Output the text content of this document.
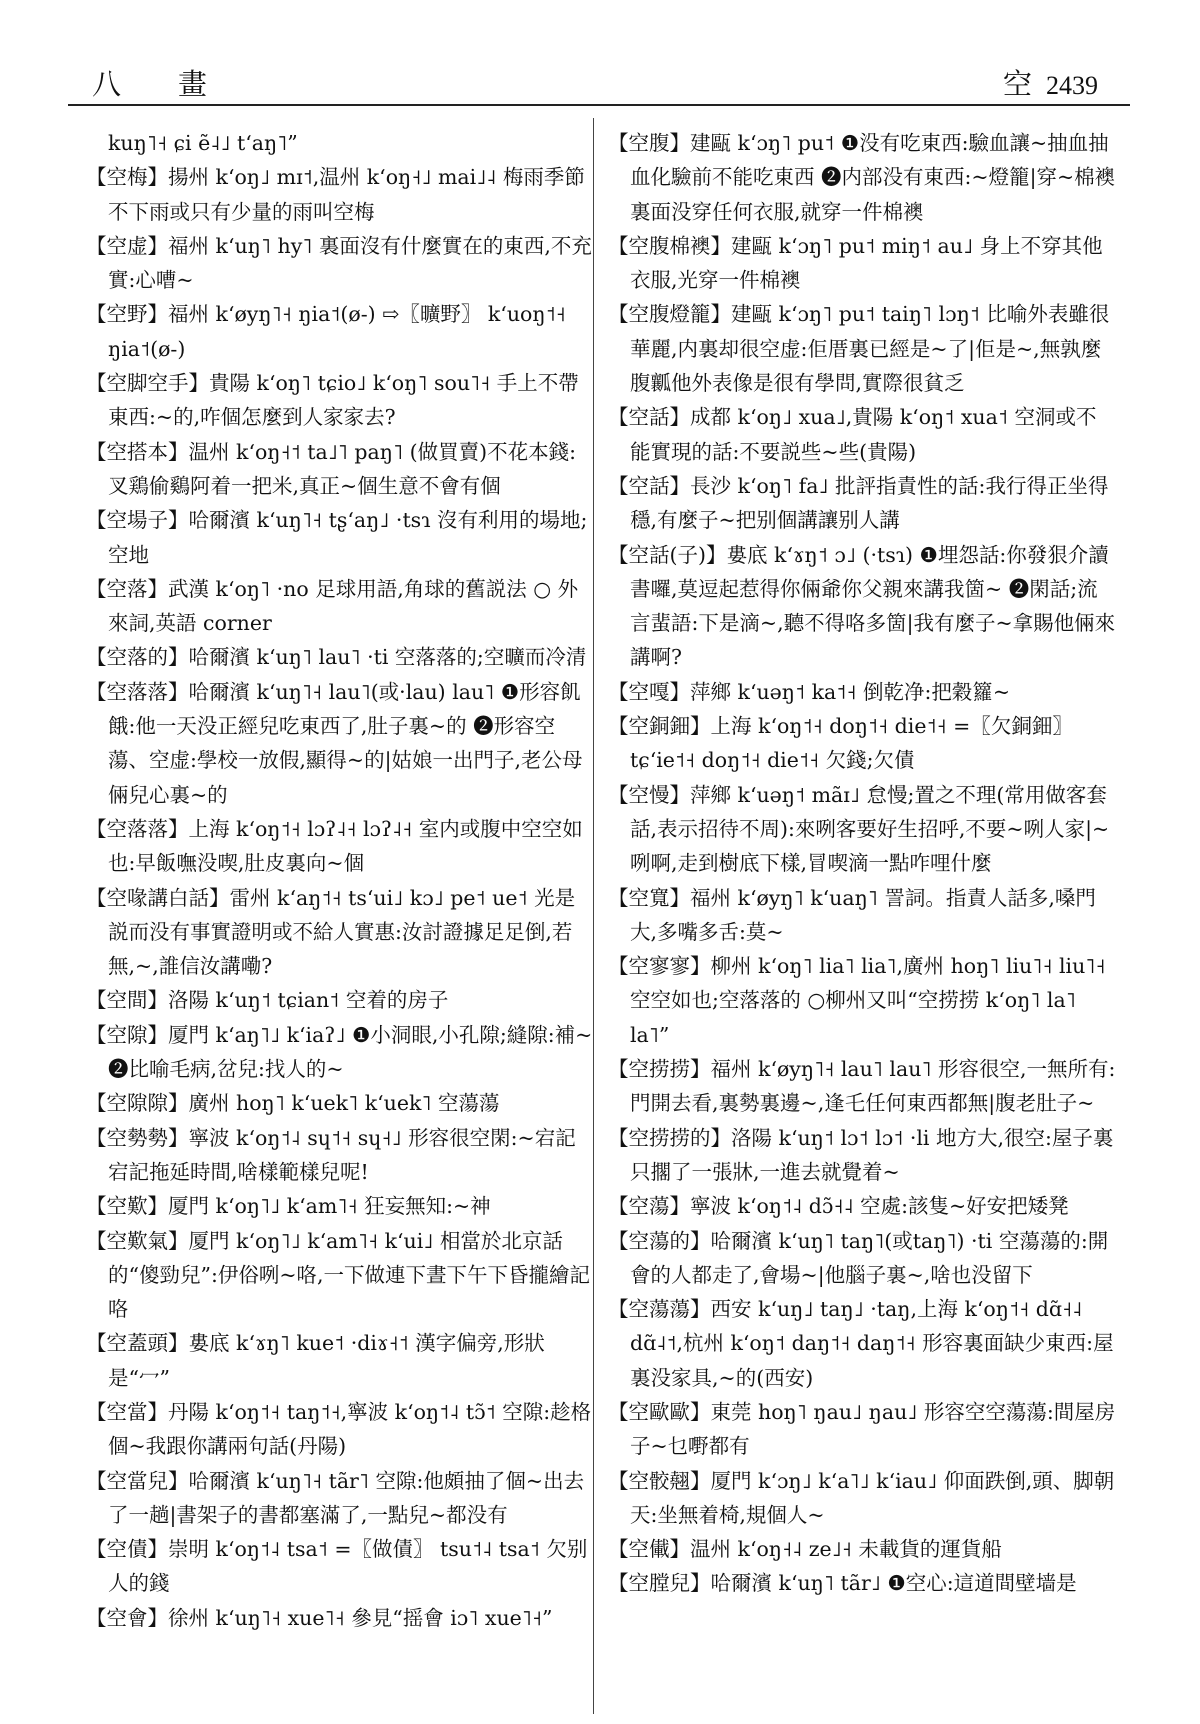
八　畫	空 2439

kuŋ˥˧ ɕi ẽ˨˩ t‘aŋ˥”

【空梅】揚州 k‘oŋ˩ mɪ˦,温州 k‘oŋ˧˩ mai˩˨ 梅雨季節不下雨或只有少量的雨叫空梅

【空虚】福州 k‘uŋ˥ hy˥ 裏面沒有什麼實在的東西,不充實:心嘈~

【空野】福州 k‘øyŋ˥˧ ŋia˦(ø-) ⇨〖曠野〗 k‘uoŋ˦˧ ŋia˦(ø-)

【空脚空手】貴陽 k‘oŋ˥ tɕio˩ k‘oŋ˥ sou˥˧ 手上不帶東西:~的,咋個怎麼到人家家去?

【空搭本】温州 k‘oŋ˧˦ ta˩˥ paŋ˥ (做買賣)不花本錢:叉鶏偷鷄阿着一把米,真正~個生意不會有個

【空場子】哈爾濱 k‘uŋ˥˧ tʂ‘aŋ˩ ·tsɿ 沒有利用的場地;空地

【空落】武漢 k‘oŋ˥ ·no 足球用語,角球的舊説法 ○ 外來詞,英語 corner

【空落的】哈爾濱 k‘uŋ˥ lau˥ ·ti 空落落的;空曠而冷清

【空落落】哈爾濱 k‘uŋ˥˧ lau˥(或·lau) lau˥ ❶形容飢餓:他一天没正經兒吃東西了,肚子裏~的 ❷形容空蕩、空虚:學校一放假,顯得~的|姑娘一出門子,老公母倆兒心裏~的

【空落落】上海 k‘oŋ˦˧ lɔʔ˨˧ lɔʔ˨˧ 室内或腹中空空如也:早飯嘸没喫,肚皮裏向~個

【空喙講白話】雷州 k‘aŋ˦˧ ts‘ui˩ kɔ˩ pe˦ ue˦ 光是説而没有事實證明或不給人實惠:汝討證據足足倒,若無,~,誰信汝講嘞?

【空間】洛陽 k‘uŋ˦ tɕian˦ 空着的房子

【空隙】厦門 k‘aŋ˥˩ k‘iaʔ˩ ❶小洞眼,小孔隙;縫隙:補~ ❷比喻毛病,岔兒:找人的~

【空隙隙】廣州 hoŋ˥ k‘uek˥ k‘uek˥ 空蕩蕩

【空勢勢】寧波 k‘oŋ˦˨ sɥ˦˧ sɥ˧˩ 形容很空閑:~宕記宕記拖延時間,啥樣範樣兒呢!

【空歎】厦門 k‘oŋ˥˩ k‘am˥˧ 狂妄無知:~神

【空歎氣】厦門 k‘oŋ˥˩ k‘am˥˧ k‘ui˩ 相當於北京話的“傻勁兒”:伊俗咧~咯,一下做連下晝下午下昏攏繪記咯

【空蓋頭】婁底 k‘ɤŋ˥ kue˦ ·diɤ˧˦ 漢字偏旁,形狀是“冖”

【空當】丹陽 k‘oŋ˦˧ taŋ˦˧,寧波 k‘oŋ˦˨ tɔ̃˦ 空隙:趁格個~我跟你講兩句話(丹陽)

【空當兒】哈爾濱 k‘uŋ˥˧ tãr˥ 空隙:他頗抽了個~出去了一趟|書架子的書都塞滿了,一點兒~都没有

【空債】崇明 k‘oŋ˦˨ tsa˦ =〖做債〗 tsu˦˨ tsa˦ 欠别人的錢

【空會】徐州 k‘uŋ˥˧ xue˥˧ 參見“摇會 iɔ˥ xue˥˧”

【空腹】建甌 k‘ɔŋ˥ pu˦ ❶没有吃東西:驗血讓~抽血抽血化驗前不能吃東西 ❷内部没有東西:~燈籠|穿~棉襖裏面没穿任何衣服,就穿一件棉襖

【空腹棉襖】建甌 k‘ɔŋ˥ pu˦ miŋ˦ au˩ 身上不穿其他衣服,光穿一件棉襖

【空腹燈籠】建甌 k‘ɔŋ˥ pu˦ taiŋ˥ lɔŋ˦ 比喻外表雖很華麗,内裏却很空虚:佢厝裏已經是~了|佢是~,無孰麼腹瓤他外表像是很有學問,實際很貧乏

【空話】成都 k‘oŋ˩ xua˩,貴陽 k‘oŋ˦ xua˦ 空洞或不能實現的話:不要説些~些(貴陽)

【空話】長沙 k‘oŋ˥ fa˩ 批評指責性的話:我行得正坐得穩,有麼子~把别個講讓别人講

【空話(子)】婁底 k‘ɤŋ˦ ɔ˩ (·tsɿ) ❶埋怨話:你發狠介讀書囉,莫逗起惹得你倆爺你父親來講我箇~ ❷閑話;流言蜚語:下是滴~,聽不得咯多箇|我有麼子~拿賜他倆來講啊?

【空嘎】萍鄉 k‘uəŋ˦ ka˦˧ 倒乾净:把穀籮~

【空銅鈿】上海 k‘oŋ˦˧ doŋ˦˧ die˦˧ =〖欠銅鈿〗 tɕ‘ie˦˧ doŋ˦˧ die˦˧ 欠錢;欠債

【空慢】萍鄉 k‘uəŋ˦ mãɪ˩ 怠慢;置之不理(常用做客套話,表示招待不周):來咧客要好生招呼,不要~咧人家|~咧啊,走到樹底下樣,冒喫滴一點咋哩什麼

【空寬】福州 k‘øyŋ˥ k‘uaŋ˥ 詈詞。指責人話多,嗓門大,多嘴多舌:莫~

【空寥寥】柳州 k‘oŋ˥ lia˥ lia˥,廣州 hoŋ˥ liu˥˧ liu˥˧ 空空如也;空落落的 ○柳州又叫“空捞捞 k‘oŋ˥ la˥ la˥”

【空捞捞】福州 k‘øyŋ˥˧ lau˥ lau˥ 形容很空,一無所有:門開去看,裏勢裏邊~,逢乇任何東西都無|腹老肚子~

【空捞捞的】洛陽 k‘uŋ˦ lɔ˦ lɔ˦ ·li 地方大,很空:屋子裏只擱了一張牀,一進去就覺着~

【空蕩】寧波 k‘oŋ˦˨ dɔ̃˧˨ 空處:該隻~好安把矮凳

【空蕩的】哈爾濱 k‘uŋ˥ taŋ˥(或taŋ˥) ·ti 空蕩蕩的:開會的人都走了,會場~|他腦子裏~,啥也没留下

【空蕩蕩】西安 k‘uŋ˩ taŋ˩ ·taŋ,上海 k‘oŋ˦˧ dɑ̃˧˨ dɑ̃˨˦,杭州 k‘oŋ˦ daŋ˦˧ daŋ˦˧ 形容裏面缺少東西:屋裏没家具,~的(西安)

【空歐歐】東莞 hoŋ˥ ŋau˩ ŋau˩ 形容空空蕩蕩:間屋房子~乜嘢都有

【空骹翹】厦門 k‘ɔŋ˩ k‘a˥˩ k‘iau˩ 仰面跌倒,頭、脚朝天:坐無着椅,規個人~

【空儎】温州 k‘oŋ˧˨ ze˩˧ 未載貨的運貨船

【空膛兒】哈爾濱 k‘uŋ˥ tãr˩ ❶空心:這道間壁墙是
